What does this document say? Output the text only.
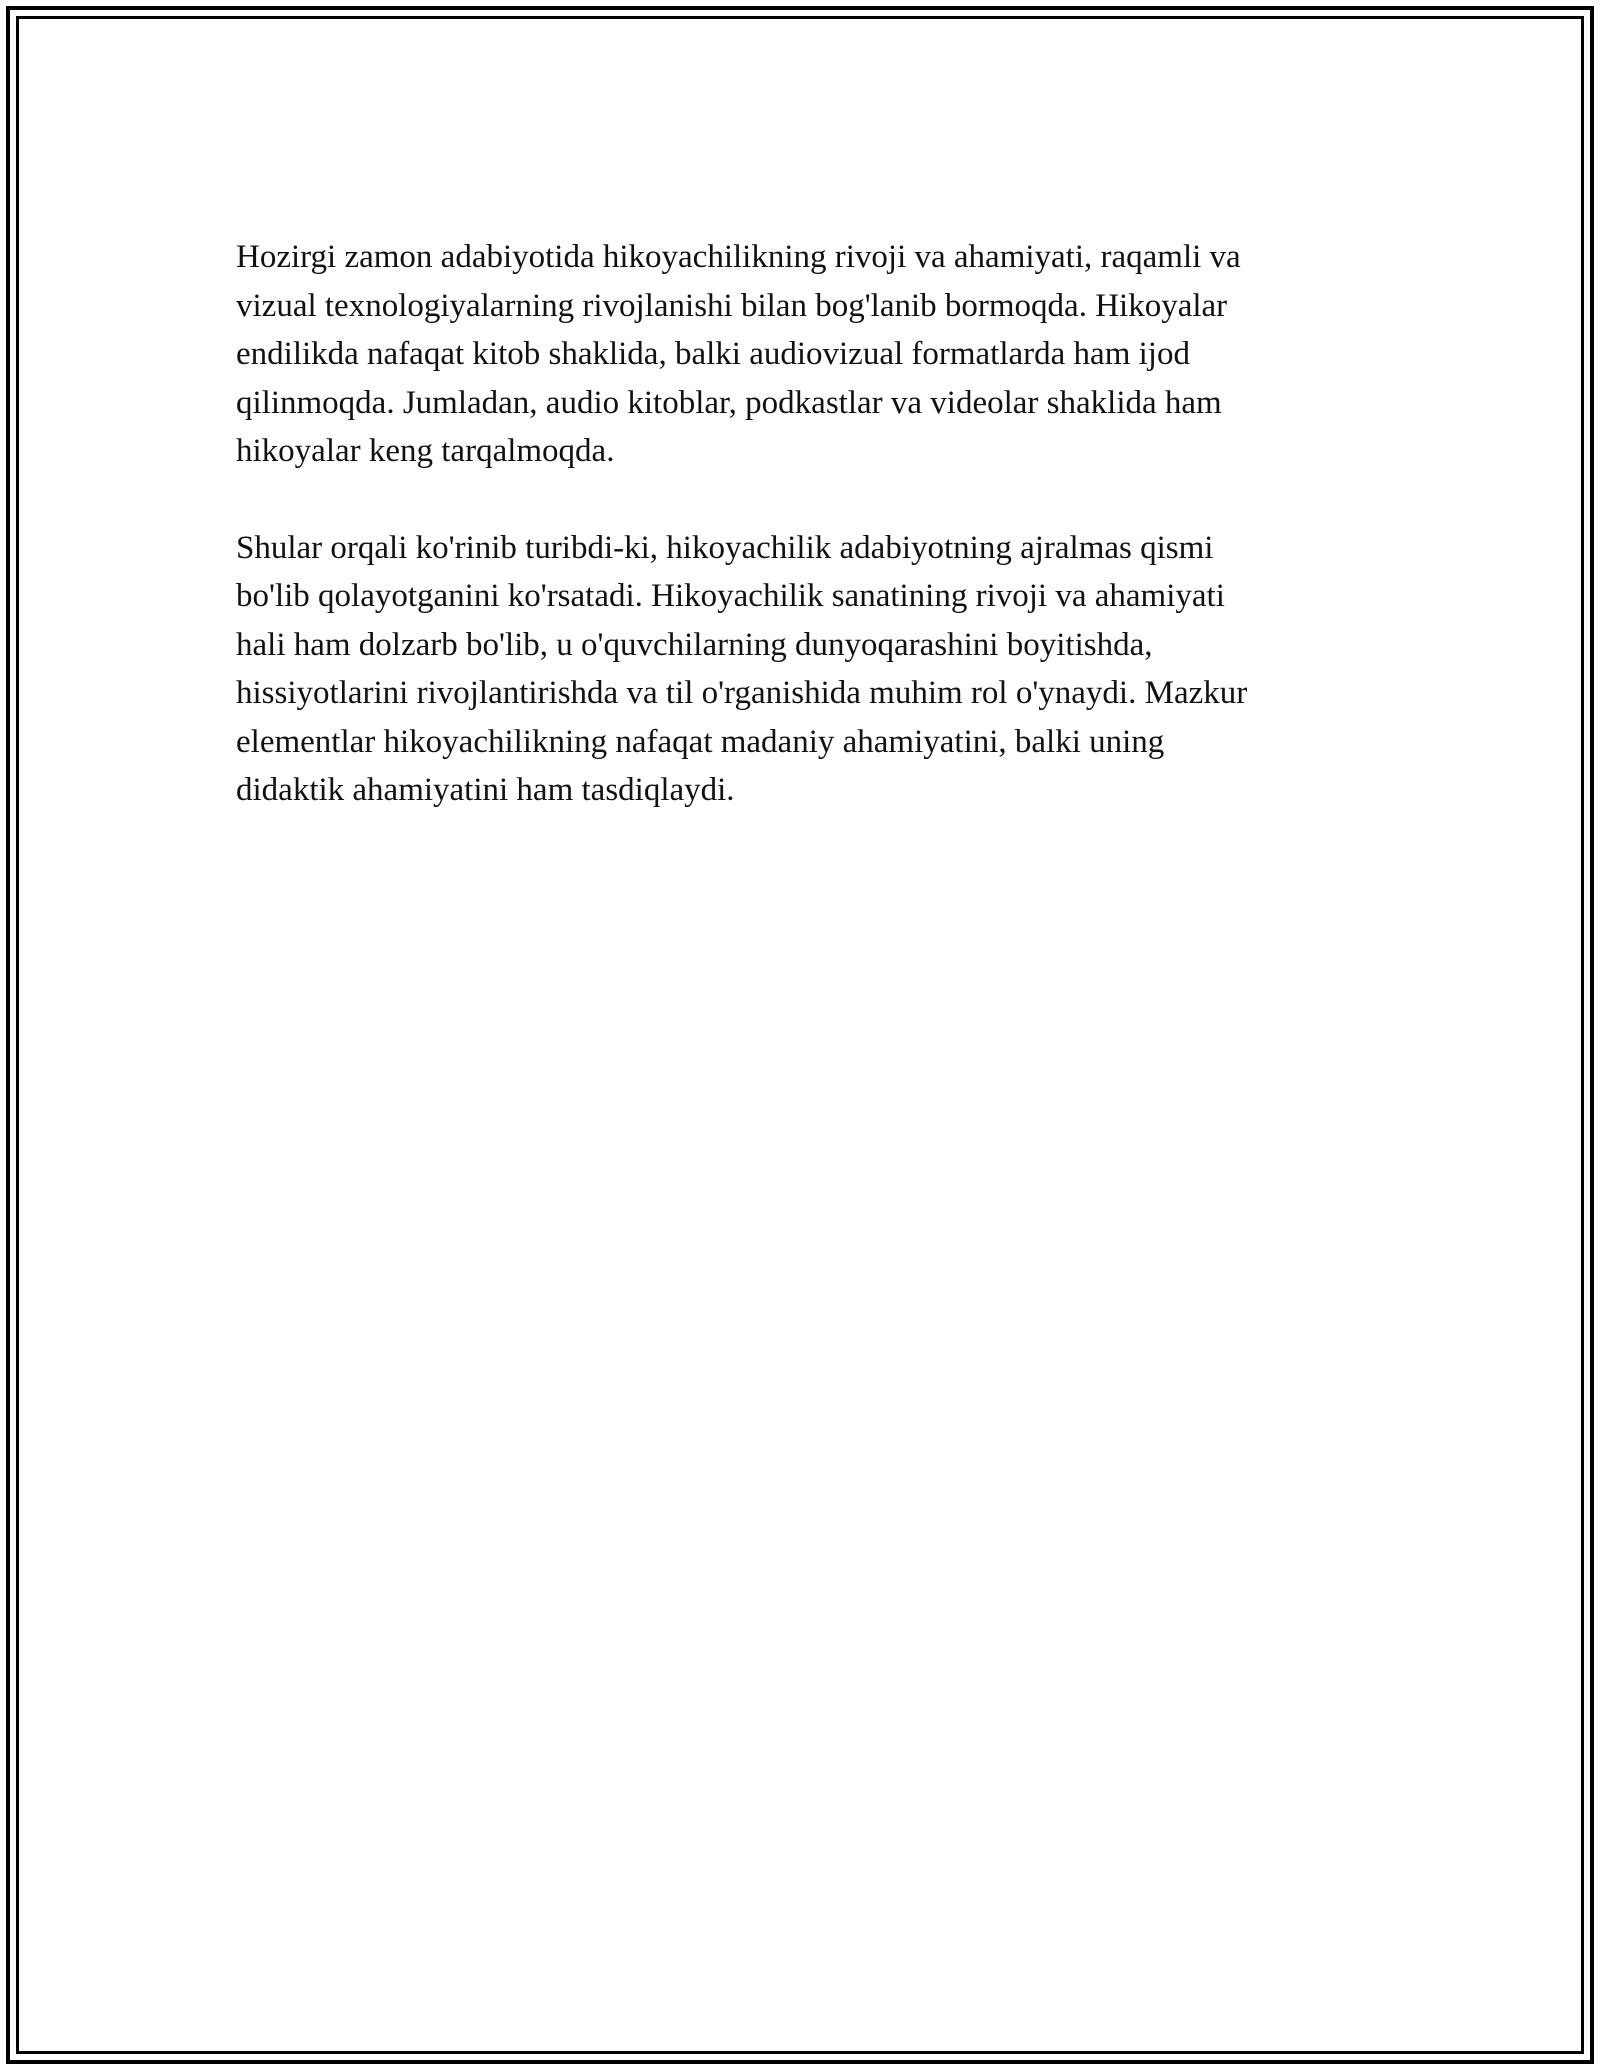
Hozirgi zamon adabiyotida hikoyachilikning rivoji va ahamiyati, raqamli va
vizual texnologiyalarning rivojlanishi bilan bog'lanib bormoqda. Hikoyalar
endilikda nafaqat kitob shaklida, balki audiovizual formatlarda ham ijod
qilinmoqda. Jumladan, audio kitoblar, podkastlar va videolar shaklida ham
hikoyalar keng tarqalmoqda.

Shular orqali ko'rinib turibdi-ki, hikoyachilik adabiyotning ajralmas qismi
bo'lib qolayotganini ko'rsatadi. Hikoyachilik sanatining rivoji va ahamiyati
hali ham dolzarb bo'lib, u o'quvchilarning dunyoqarashini boyitishda,
hissiyotlarini rivojlantirishda va til o'rganishida muhim rol o'ynaydi. Mazkur
elementlar hikoyachilikning nafaqat madaniy ahamiyatini, balki uning
didaktik ahamiyatini ham tasdiqlaydi.
